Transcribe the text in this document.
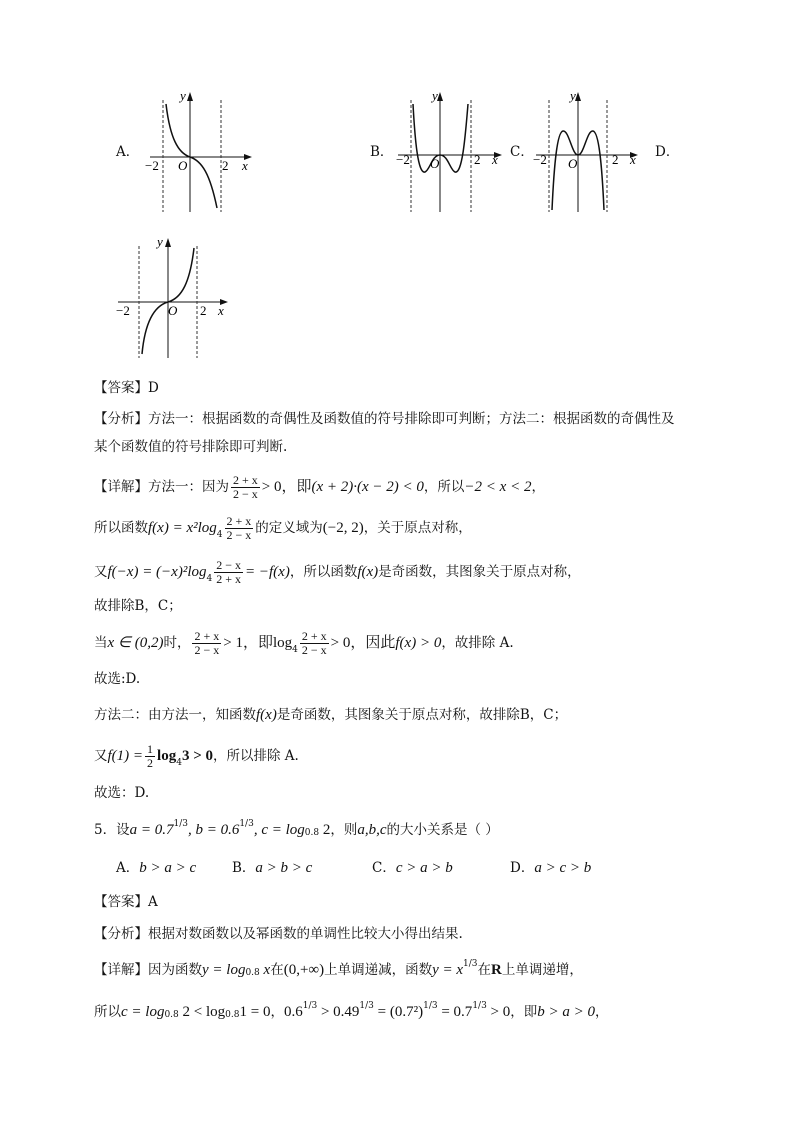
A．
−2 O	2 x
y
B． −2 O	2 x
y
C． −2 O	2 x
y
D．
−2	O 2 x
y
【答案】D
【分析】方法一：根据函数的奇偶性及函数值的符号排除即可判断；方法二：根据函数的奇偶性及
某个函数值的符号排除即可判断.
【详解】方法一：因为 $\frac{2 + x}{2 - x} > 0$，即(x + 2)·(x − 2) < 0，所以−2 < x < 2，
所以函数$f(x) = x^2\log_4 \frac{2 + x}{2 - x}$ 的定义域为(−2, 2)，关于原点对称，
又$f(-x) = (-x)^2\log_4 \frac{2 - x}{2 + x} = -f(x)$，所以函数f(x)是奇函数，其图象关于原点对称，
故排除B，C；
当x ∈ (0,2)时， $\frac{2 + x}{2 - x} > 1$，即$\log_4 \frac{2 + x}{2 - x} > 0$，因此f(x) > 0，故排除 A.
故选:D.
方法二：由方法一，知函数f(x)是奇函数，其图象关于原点对称，故排除B，C；
又$f(1) = \frac{1}{2} \log_43 > 0$，所以排除 A.
故选：D.
5．设$a = 0.7^{1/3}$, $b = 0.6^{1/3}$, $c = \log_{0.8} 2$，则a,b,c的大小关系是（ ）
A．b > a > c	B．a > b > c	C．c > a > b	D．a > c > b
【答案】A
【分析】根据对数函数以及幂函数的单调性比较大小得出结果.
【详解】因为函数$y = \log_{0.8} x$在(0,+∞)上单调递减，函数$y = x^{1/3}$在R上单调递增，
所以$c = \log_{0.8} 2 < \log_{0.8}1 = 0$，$0.6^{1/3} > 0.49^{1/3} = (0.7^2)^{1/3} = 0.7^{1/3} > 0$，即b > a > 0，
